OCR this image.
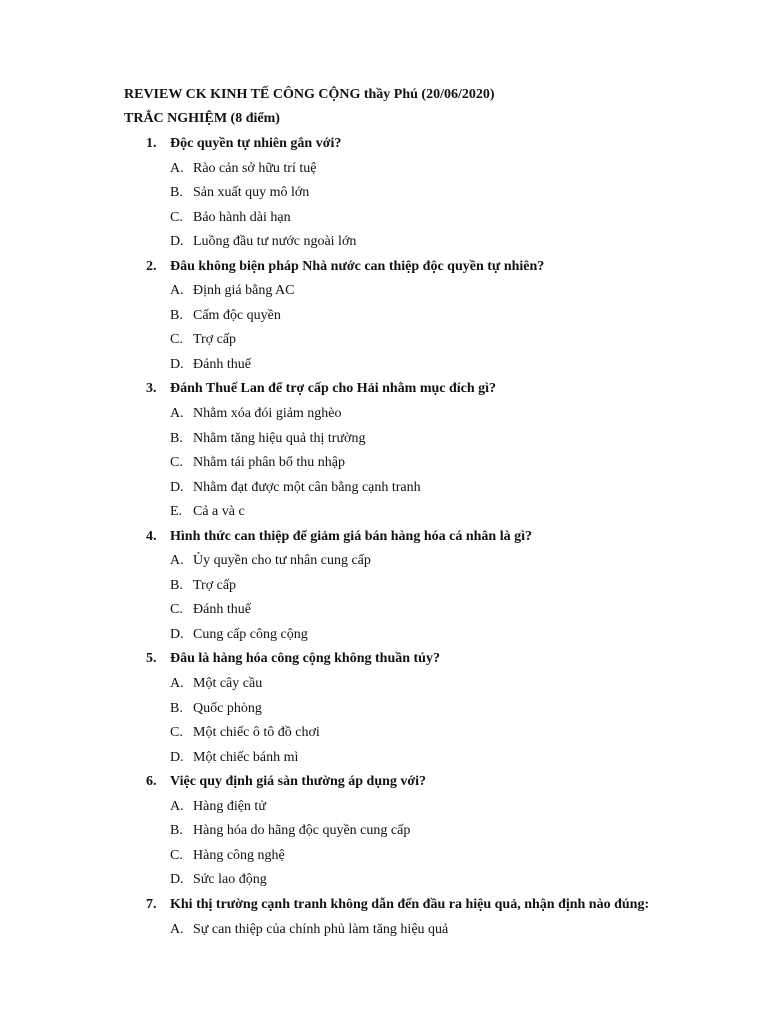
REVIEW CK KINH TẾ CÔNG CỘNG thầy Phú (20/06/2020)
TRẮC NGHIỆM (8 điểm)
1. Độc quyền tự nhiên gắn với?
A. Rào cản sở hữu trí tuệ
B. Sản xuất quy mô lớn
C. Bảo hành dài hạn
D. Luồng đầu tư nước ngoài lớn
2. Đâu không biện pháp Nhà nước can thiệp độc quyền tự nhiên?
A. Định giá bằng AC
B. Cấm độc quyền
C. Trợ cấp
D. Đánh thuế
3. Đánh Thuế Lan để trợ cấp cho Hải nhằm mục đích gì?
A. Nhằm xóa đói giảm nghèo
B. Nhằm tăng hiệu quả thị trường
C. Nhằm tái phân bổ thu nhập
D. Nhằm đạt được một cân bằng cạnh tranh
E. Cả a và c
4. Hình thức can thiệp để giảm giá bán hàng hóa cá nhân là gì?
A. Ủy quyền cho tư nhân cung cấp
B. Trợ cấp
C. Đánh thuế
D. Cung cấp công cộng
5. Đâu là hàng hóa công cộng không thuần túy?
A. Một cây cầu
B. Quốc phòng
C. Một chiếc ô tô đồ chơi
D. Một chiếc bánh mì
6. Việc quy định giá sàn thường áp dụng với?
A. Hàng điện tử
B. Hàng hóa do hãng độc quyền cung cấp
C. Hàng công nghệ
D. Sức lao động
7. Khi thị trường cạnh tranh không dẫn đến đầu ra hiệu quả, nhận định nào đúng:
A. Sự can thiệp của chính phủ làm tăng hiệu quả
